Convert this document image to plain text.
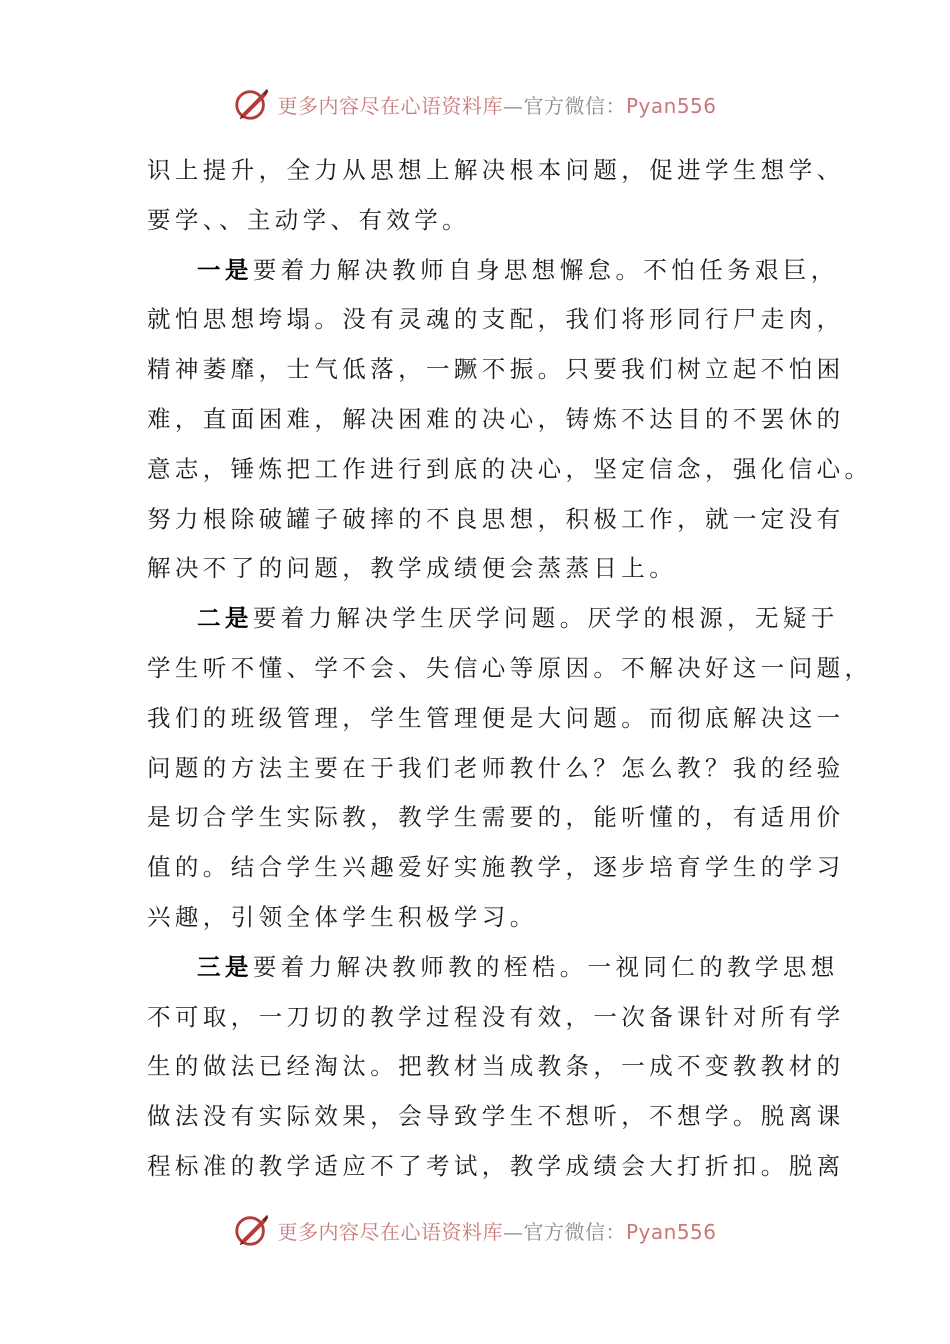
更多内容尽在心语资料库—官方微信：Pyan556
识上提升，全力从思想上解决根本问题，促进学生想学、
要学、、主动学、有效学。
一是要着力解决教师自身思想懈怠。不怕任务艰巨，
就怕思想垮塌。没有灵魂的支配，我们将形同行尸走肉，
精神萎靡，士气低落，一蹶不振。只要我们树立起不怕困
难，直面困难，解决困难的决心，铸炼不达目的不罢休的
意志，锤炼把工作进行到底的决心，坚定信念，强化信心。
努力根除破罐子破摔的不良思想，积极工作，就一定没有
解决不了的问题，教学成绩便会蒸蒸日上。
二是要着力解决学生厌学问题。厌学的根源，无疑于
学生听不懂、学不会、失信心等原因。不解决好这一问题，
我们的班级管理，学生管理便是大问题。而彻底解决这一
问题的方法主要在于我们老师教什么？怎么教？我的经验
是切合学生实际教，教学生需要的，能听懂的，有适用价
值的。结合学生兴趣爱好实施教学，逐步培育学生的学习
兴趣，引领全体学生积极学习。
三是要着力解决教师教的桎梏。一视同仁的教学思想
不可取，一刀切的教学过程没有效，一次备课针对所有学
生的做法已经淘汰。把教材当成教条，一成不变教教材的
做法没有实际效果，会导致学生不想听，不想学。脱离课
程标准的教学适应不了考试，教学成绩会大打折扣。脱离
更多内容尽在心语资料库—官方微信：Pyan556
